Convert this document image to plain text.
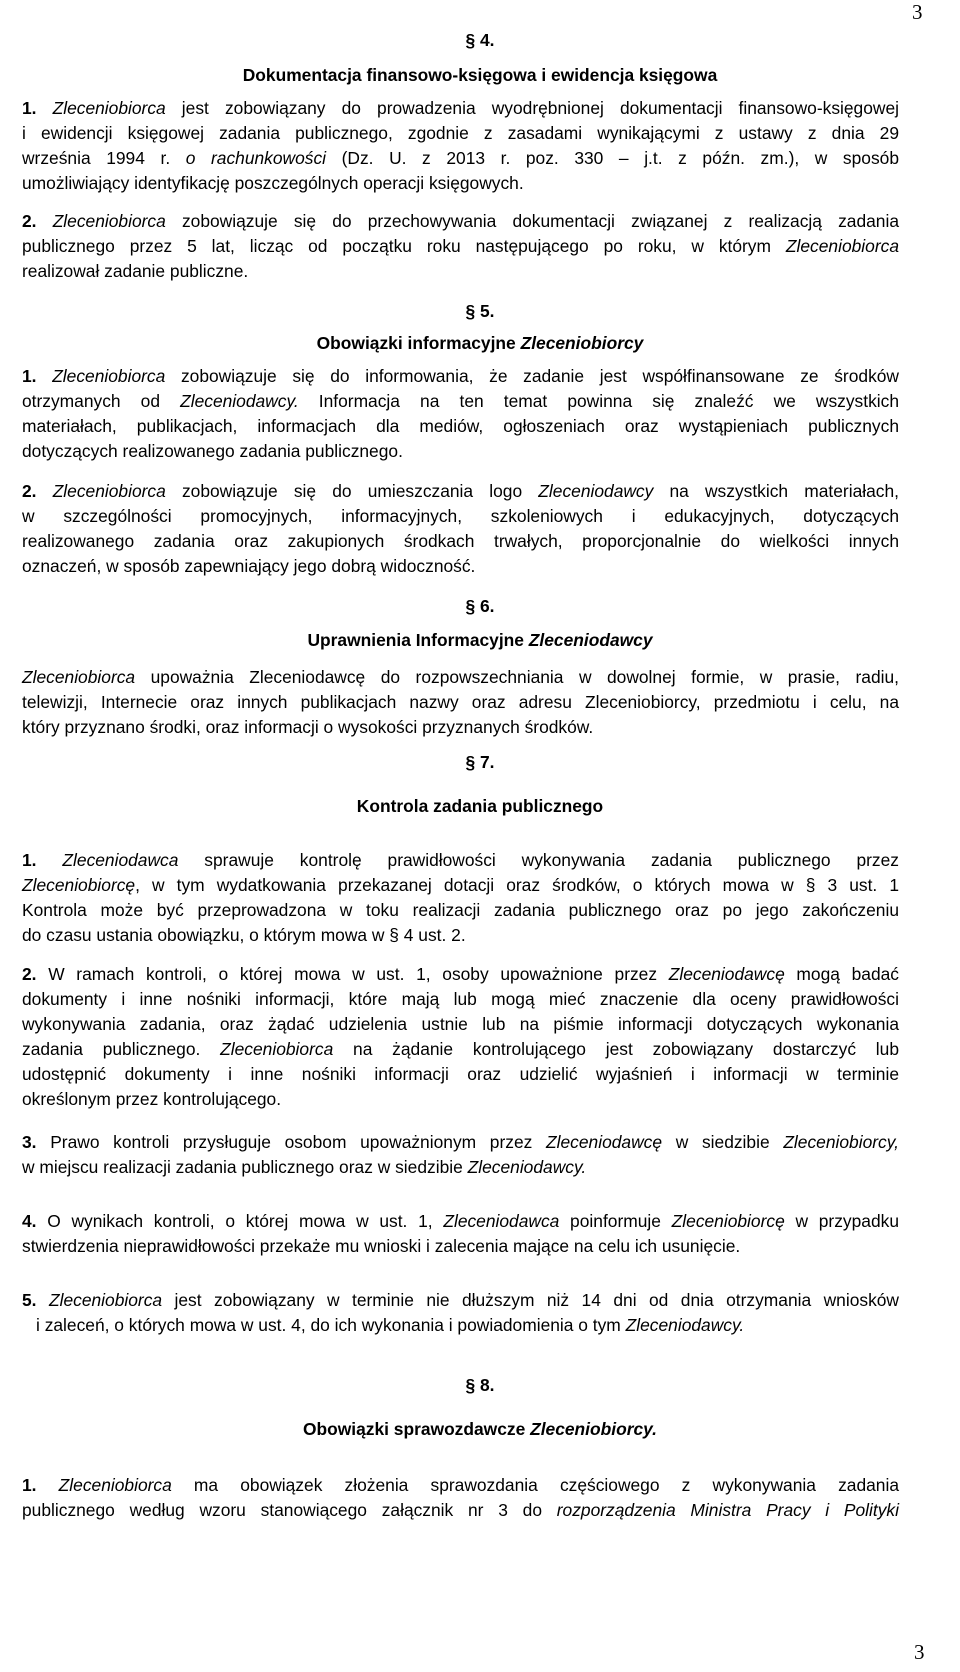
3
§ 4.
Dokumentacja finansowo-księgowa i ewidencja księgowa
1. Zleceniobiorca jest zobowiązany do prowadzenia wyodrębnionej dokumentacji finansowo-księgowej
i ewidencji księgowej zadania publicznego, zgodnie z zasadami wynikającymi z ustawy z dnia 29
września 1994 r. o rachunkowości (Dz. U. z 2013 r. poz. 330 – j.t. z późn. zm.), w sposób
umożliwiający identyfikację poszczególnych operacji księgowych.
2. Zleceniobiorca zobowiązuje się do przechowywania dokumentacji związanej z realizacją zadania
publicznego przez 5 lat, licząc od początku roku następującego po roku, w którym Zleceniobiorca
realizował zadanie publiczne.
§ 5.
Obowiązki informacyjne Zleceniobiorcy
1. Zleceniobiorca zobowiązuje się do informowania, że zadanie jest współfinansowane ze środków
otrzymanych od Zleceniodawcy. Informacja na ten temat powinna się znaleźć we wszystkich
materiałach, publikacjach, informacjach dla mediów, ogłoszeniach oraz wystąpieniach publicznych
dotyczących realizowanego zadania publicznego.
2. Zleceniobiorca zobowiązuje się do umieszczania logo Zleceniodawcy na wszystkich materiałach,
w szczególności promocyjnych, informacyjnych, szkoleniowych i edukacyjnych, dotyczących
realizowanego zadania oraz zakupionych środkach trwałych, proporcjonalnie do wielkości innych
oznaczeń, w sposób zapewniający jego dobrą widoczność.
§ 6.
Uprawnienia Informacyjne Zleceniodawcy
Zleceniobiorca upoważnia Zleceniodawcę do rozpowszechniania w dowolnej formie, w prasie, radiu,
telewizji, Internecie oraz innych publikacjach nazwy oraz adresu Zleceniobiorcy, przedmiotu i celu, na
który przyznano środki, oraz informacji o wysokości przyznanych środków.
§ 7.
Kontrola zadania publicznego
1. Zleceniodawca sprawuje kontrolę prawidłowości wykonywania zadania publicznego przez
Zleceniobiorcę, w tym wydatkowania przekazanej dotacji oraz środków, o których mowa w § 3 ust. 1
Kontrola może być przeprowadzona w toku realizacji zadania publicznego oraz po jego zakończeniu
do czasu ustania obowiązku, o którym mowa w § 4 ust. 2.
2. W ramach kontroli, o której mowa w ust. 1, osoby upoważnione przez Zleceniodawcę mogą badać
dokumenty i inne nośniki informacji, które mają lub mogą mieć znaczenie dla oceny prawidłowości
wykonywania zadania, oraz żądać udzielenia ustnie lub na piśmie informacji dotyczących wykonania
zadania publicznego. Zleceniobiorca na żądanie kontrolującego jest zobowiązany dostarczyć lub
udostępnić dokumenty i inne nośniki informacji oraz udzielić wyjaśnień i informacji w terminie
określonym przez kontrolującego.
3. Prawo kontroli przysługuje osobom upoważnionym przez Zleceniodawcę w siedzibie Zleceniobiorcy,
w miejscu realizacji zadania publicznego oraz w siedzibie Zleceniodawcy.
4. O wynikach kontroli, o której mowa w ust. 1, Zleceniodawca poinformuje Zleceniobiorcę w przypadku
stwierdzenia nieprawidłowości przekaże mu wnioski i zalecenia mające na celu ich usunięcie.
5. Zleceniobiorca jest zobowiązany w terminie nie dłuższym niż 14 dni od dnia otrzymania wniosków
i zaleceń, o których mowa w ust. 4, do ich wykonania i powiadomienia o tym Zleceniodawcy.
§ 8.
Obowiązki sprawozdawcze Zleceniobiorcy.
1. Zleceniobiorca ma obowiązek złożenia sprawozdania częściowego z wykonywania zadania
publicznego według wzoru stanowiącego załącznik nr 3 do rozporządzenia Ministra Pracy i Polityki
3
